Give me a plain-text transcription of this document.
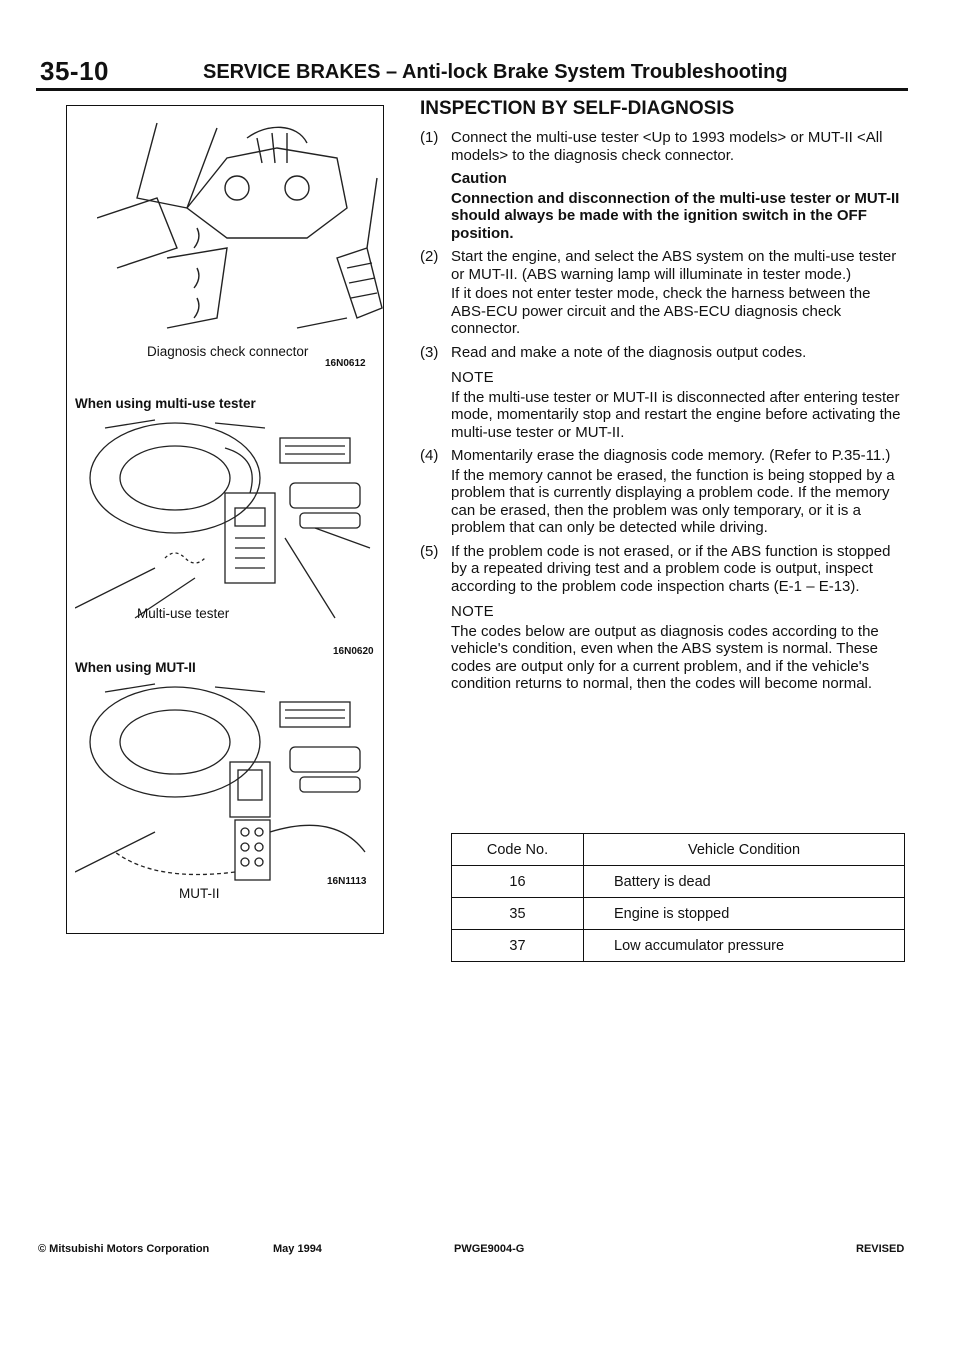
35-10	SERVICE BRAKES – Anti-lock Brake System Troubleshooting
Diagnosis check connector
16N0612
When using multi-use tester
Multi-use tester
16N0620
When using MUT-II
MUT-II
16N1113
INSPECTION BY SELF-DIAGNOSIS
(1) Connect the multi-use tester <Up to 1993 models> or MUT-II <All models> to the diagnosis check connector.
Caution
Connection and disconnection of the multi-use tester or MUT-II should always be made with the ignition switch in the OFF position.
(2) Start the engine, and select the ABS system on the multi-use tester or MUT-II. (ABS warning lamp will illuminate in tester mode.)
If it does not enter tester mode, check the harness between the ABS-ECU power circuit and the ABS-ECU diagnosis check connector.
(3) Read and make a note of the diagnosis output codes.
NOTE
If the multi-use tester or MUT-II is disconnected after entering tester mode, momentarily stop and restart the engine before activating the multi-use tester or MUT-II.
(4) Momentarily erase the diagnosis code memory. (Refer to P.35-11.)
If the memory cannot be erased, the function is being stopped by a problem that is currently displaying a problem code. If the memory can be erased, then the problem was only temporary, or it is a problem that can only be detected while driving.
(5) If the problem code is not erased, or if the ABS function is stopped by a repeated driving test and a problem code is output, inspect according to the problem code inspection charts (E-1 – E-13).
NOTE
The codes below are output as diagnosis codes according to the vehicle's condition, even when the ABS system is normal. These codes are output only for a current problem, and if the vehicle's condition returns to normal, then the codes will become normal.
Code No.	Vehicle Condition
16	Battery is dead
35	Engine is stopped
37	Low accumulator pressure
© Mitsubishi Motors Corporation	May 1994	PWGE9004-G	REVISED
